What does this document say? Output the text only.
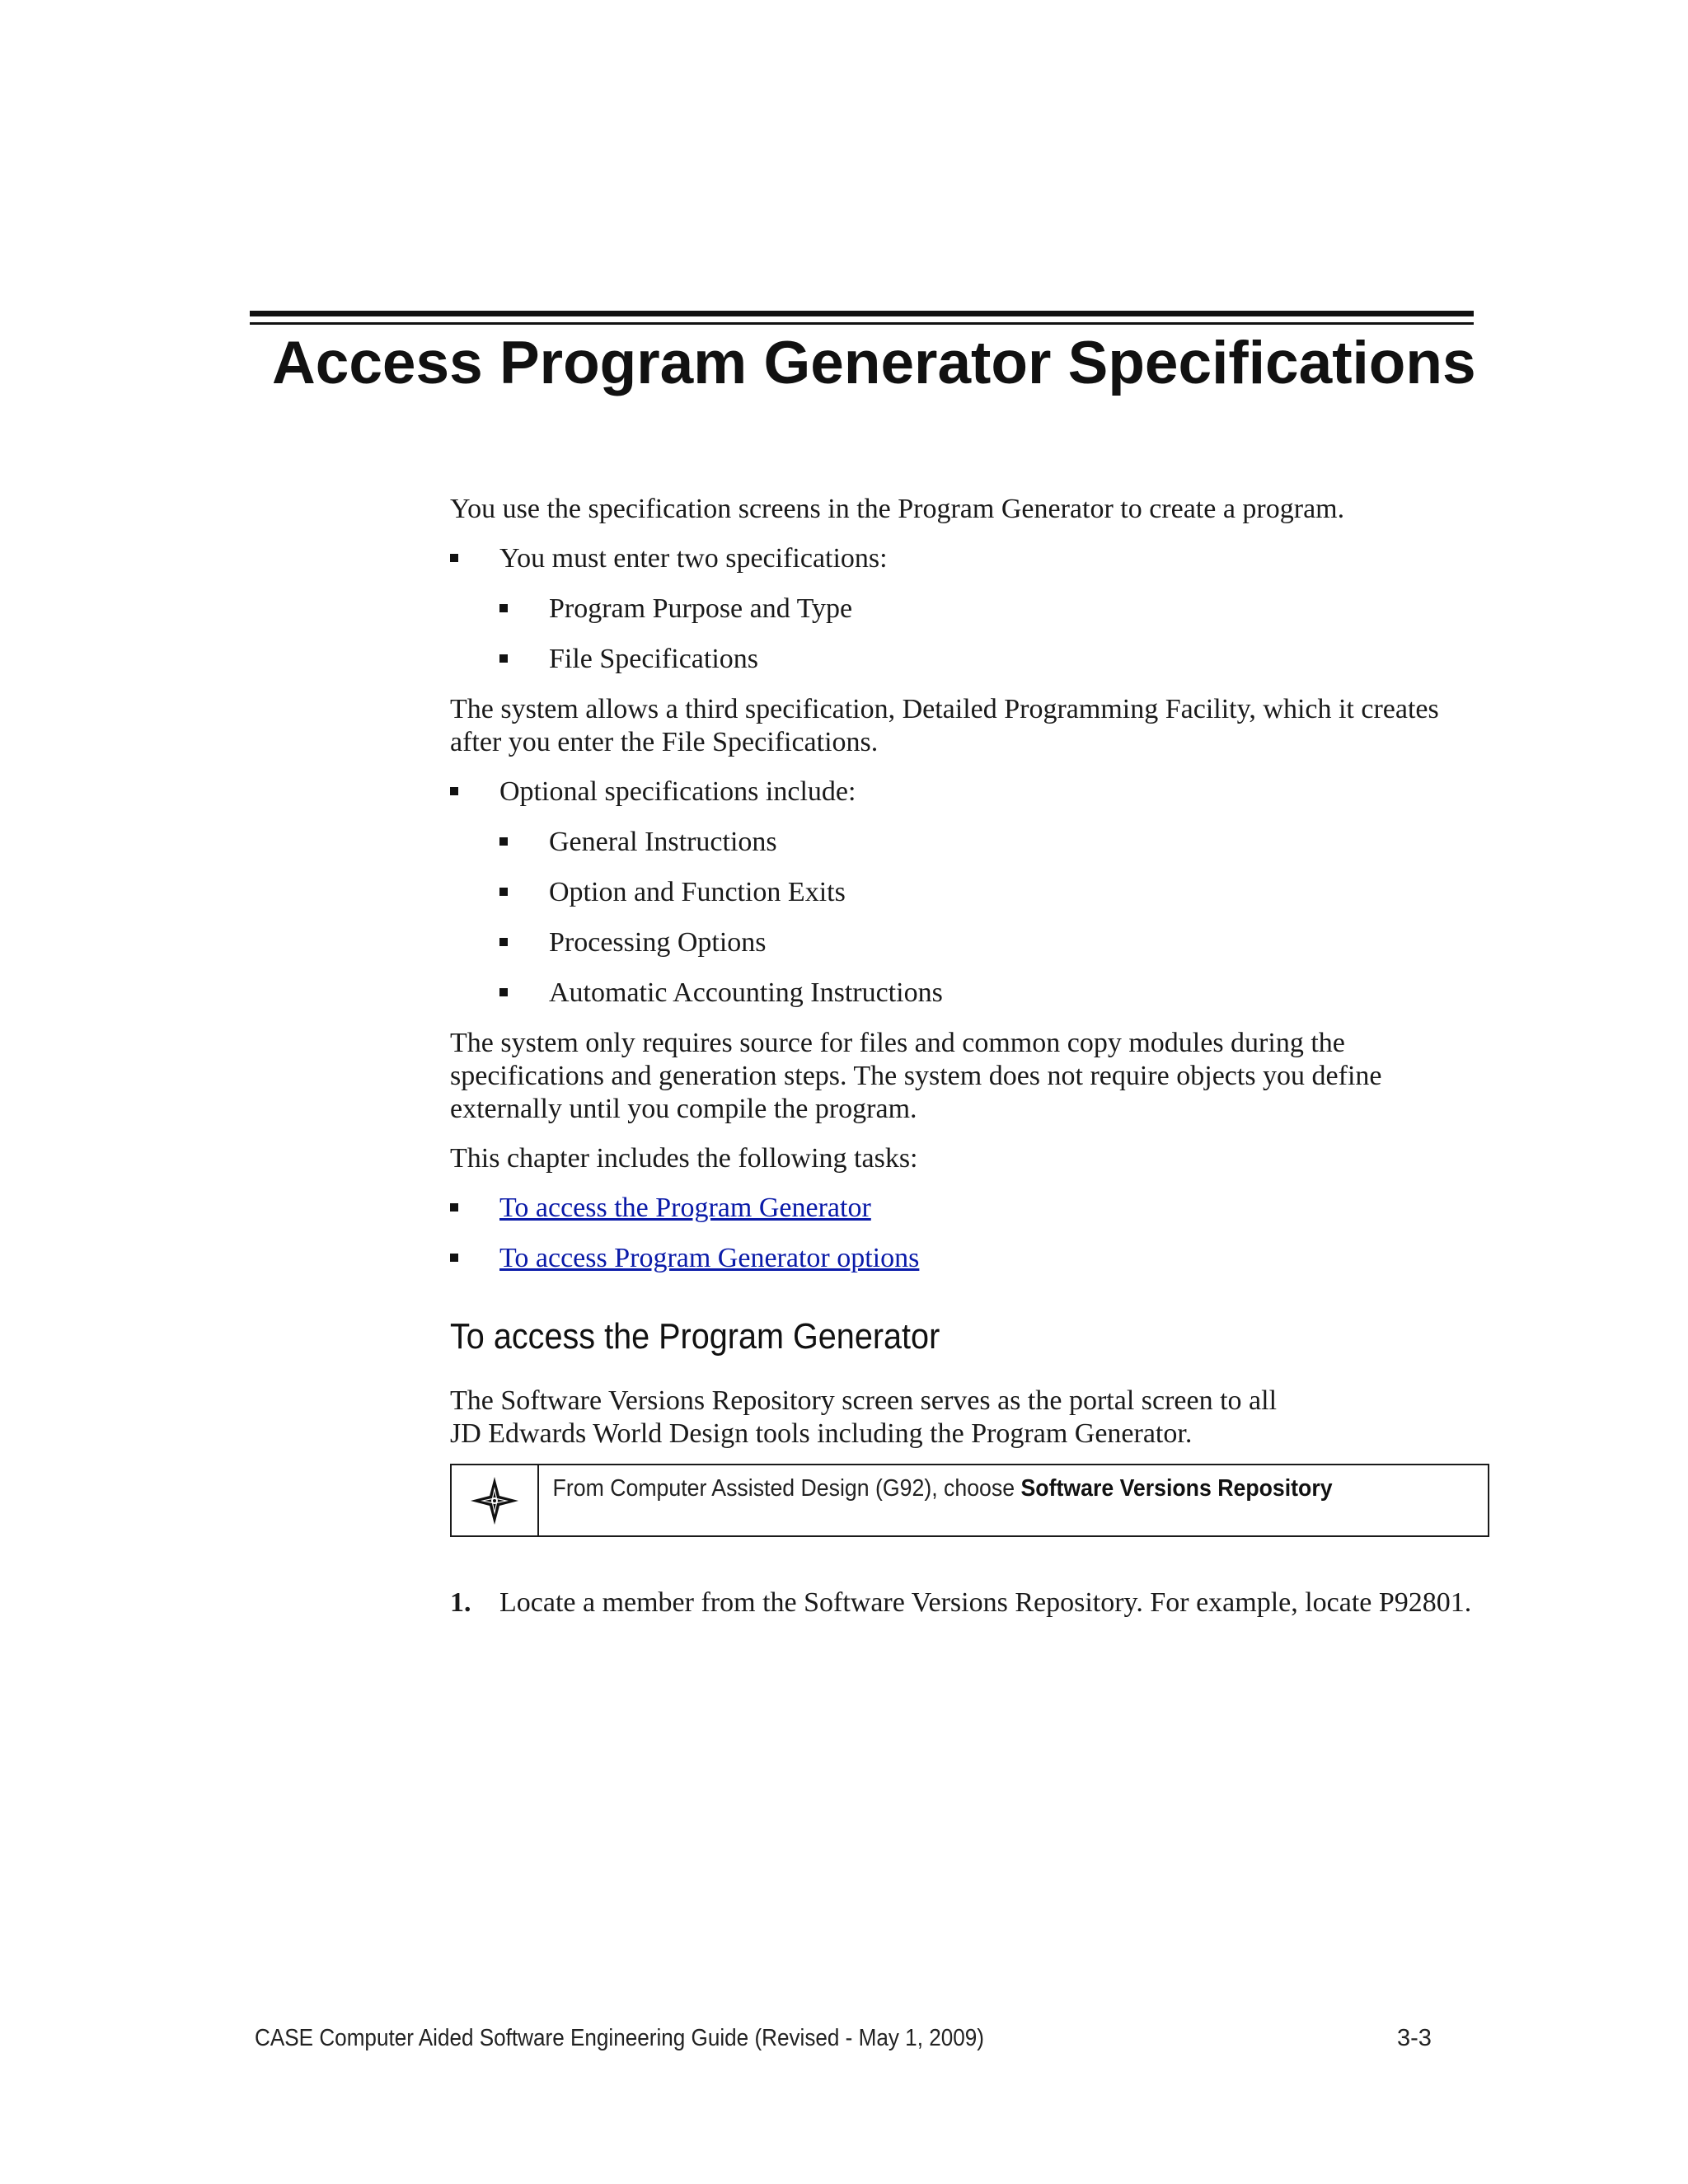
Access Program Generator Specifications

You use the specification screens in the Program Generator to create a program.

You must enter two specifications:
Program Purpose and Type
File Specifications

The system allows a third specification, Detailed Programming Facility, which it creates after you enter the File Specifications.

Optional specifications include:
General Instructions
Option and Function Exits
Processing Options
Automatic Accounting Instructions

The system only requires source for files and common copy modules during the specifications and generation steps. The system does not require objects you define externally until you compile the program.

This chapter includes the following tasks:

To access the Program Generator
To access Program Generator options
To access the Program Generator

The Software Versions Repository screen serves as the portal screen to all
JD Edwards World Design tools including the Program Generator.

From Computer Assisted Design (G92), choose Software Versions Repository
1. Locate a member from the Software Versions Repository. For example, locate P92801.
CASE Computer Aided Software Engineering Guide (Revised - May 1, 2009)	3-3
